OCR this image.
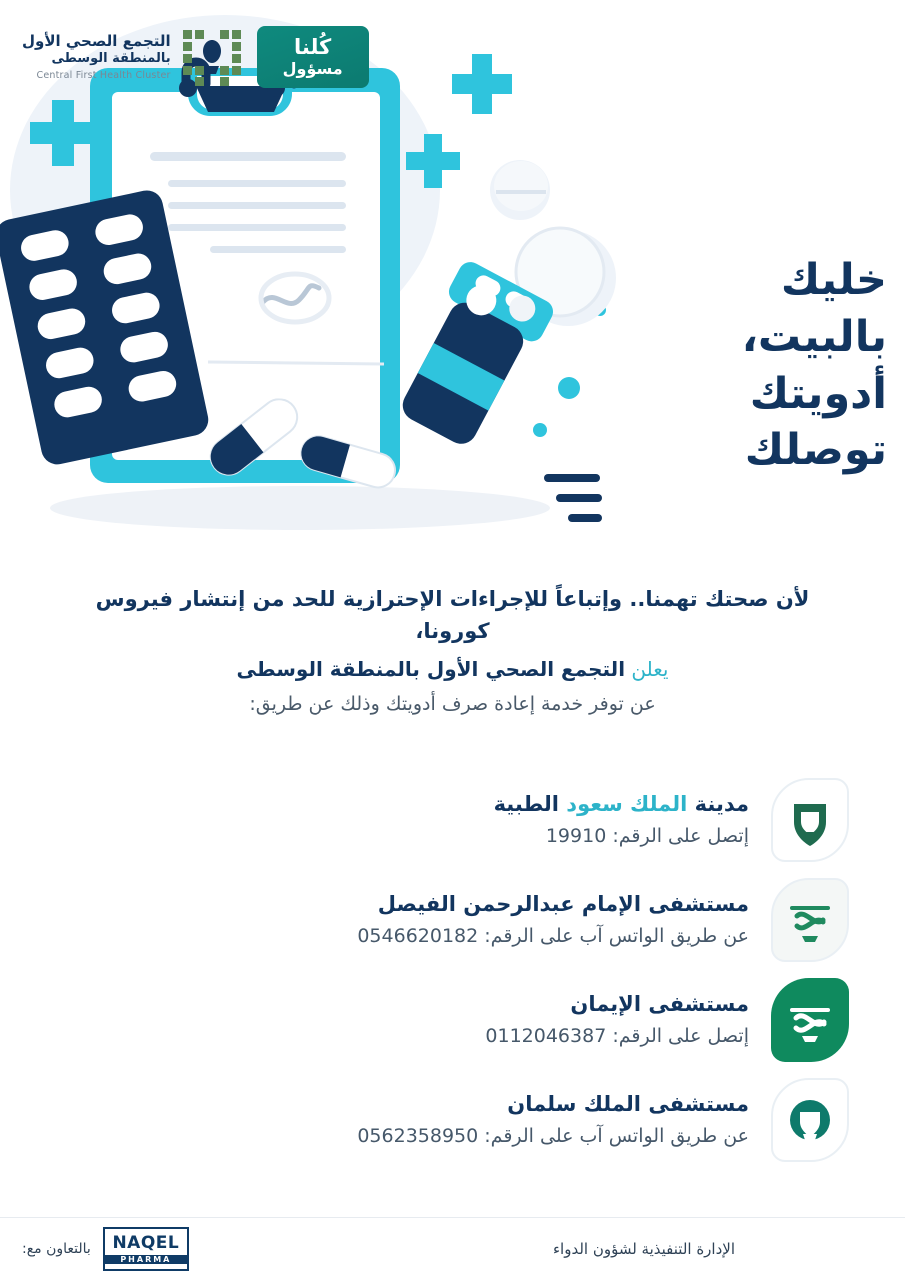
خليك
بالبيت،
أدويتك
توصلك
كُلنا
مسؤول
التجمع الصحي الأول
بالمنطقة الوسطى
Central First Health Cluster
لأن صحتك تهمنا.. وإتباعاً للإجراءات الإحترازية للحد من إنتشار فيروس كورونا،
يعلن التجمع الصحي الأول بالمنطقة الوسطى
عن توفر خدمة إعادة صرف أدويتك وذلك عن طريق:
مدينة الملك سعود الطبية
إتصل على الرقم: 19910
مستشفى الإمام عبدالرحمن الفيصل
عن طريق الواتس آب على الرقم: 0546620182
مستشفى الإيمان
إتصل على الرقم: 0112046387
مستشفى الملك سلمان
عن طريق الواتس آب على الرقم: 0562358950
الإدارة التنفيذية لشؤون الدواء
NAQEL
PHARMA
بالتعاون مع:
